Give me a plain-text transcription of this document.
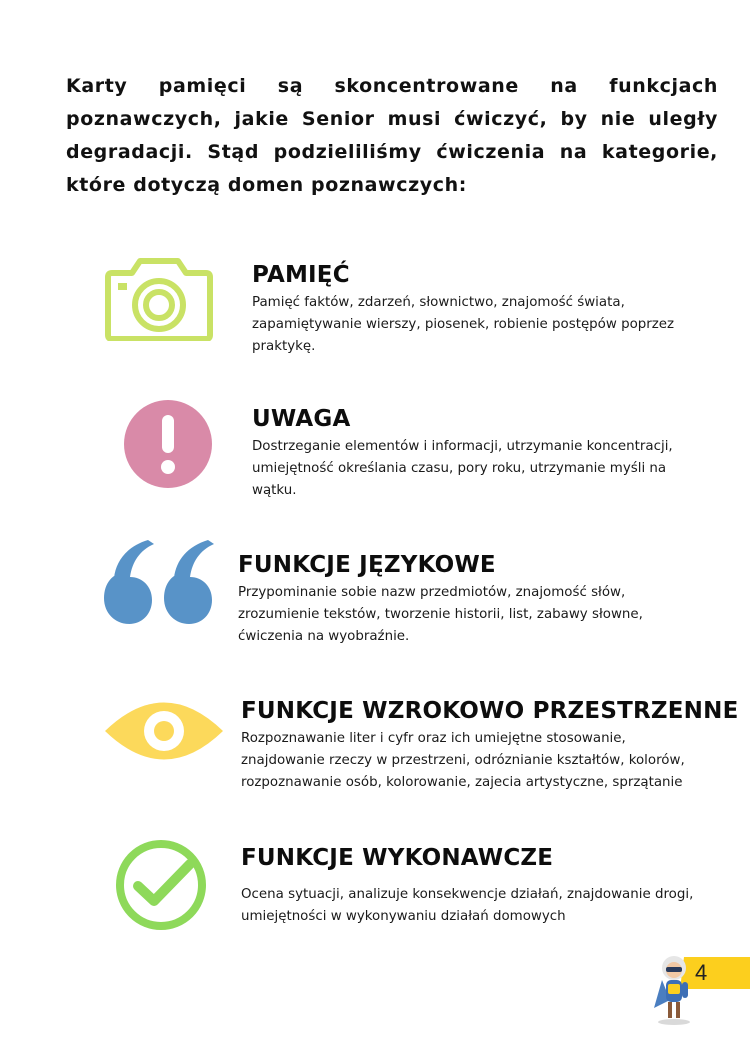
Karty pamięci są skoncentrowane na funkcjach poznawczych, jakie Senior musi ćwiczyć, by nie uległy degradacji. Stąd podzieliliśmy ćwiczenia na kategorie, które dotyczą domen poznawczych:

PAMIĘĆ

Pamięć faktów, zdarzeń, słownictwo, znajomość świata, zapamiętywanie wierszy, piosenek, robienie postępów poprzez praktykę.

UWAGA

Dostrzeganie elementów i informacji, utrzymanie koncentracji, umiejętność określania czasu, pory roku, utrzymanie myśli na wątku.

FUNKCJE JĘZYKOWE

Przypominanie sobie nazw przedmiotów, znajomość słów, zrozumienie tekstów, tworzenie historii, list, zabawy słowne, ćwiczenia na wyobraźnie.

FUNKCJE WZROKOWO PRZESTRZENNE

Rozpoznawanie liter i cyfr oraz ich umiejętne stosowanie, znajdowanie rzeczy w przestrzeni, odróznianie kształtów, kolorów, rozpoznawanie osób, kolorowanie, zajecia artystyczne, sprzątanie

FUNKCJE WYKONAWCZE

Ocena sytuacji, analizuje konsekwencje działań, znajdowanie drogi, umiejętności w wykonywaniu działań domowych

4
